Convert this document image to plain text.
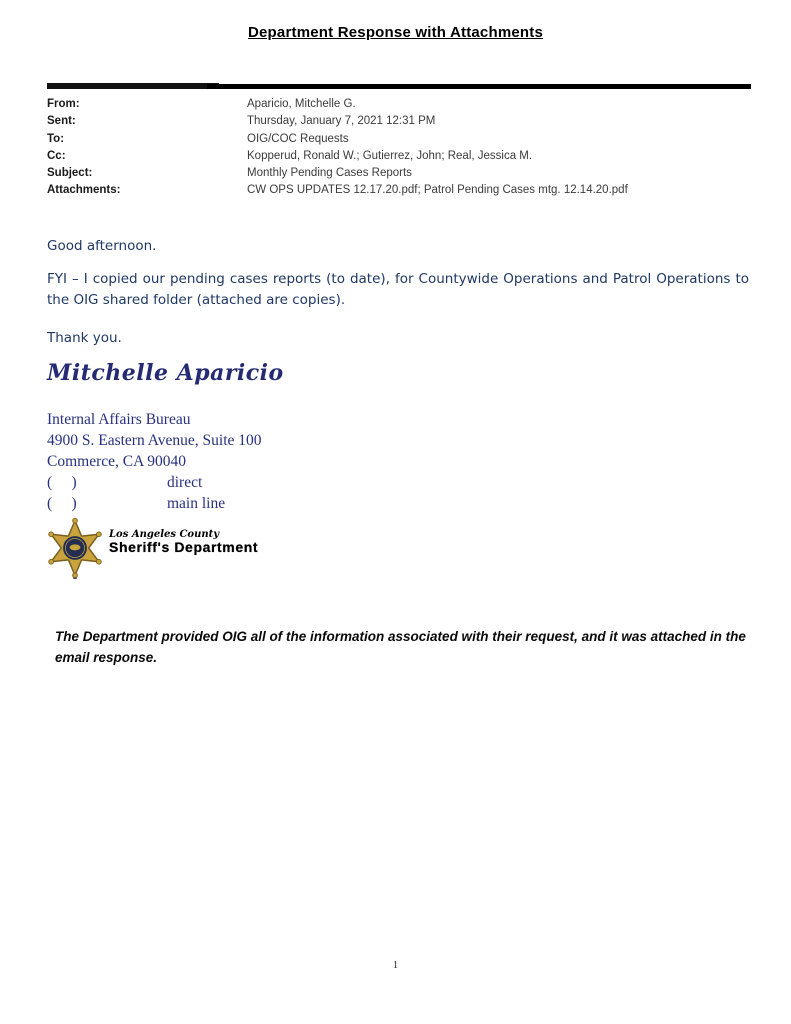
Department Response with Attachments
From:	Aparicio, Mitchelle G.
Sent:	Thursday, January 7, 2021 12:31 PM
To:	OIG/COC Requests
Cc:	Kopperud, Ronald W.; Gutierrez, John; Real, Jessica M.
Subject:	Monthly Pending Cases Reports
Attachments:	CW OPS UPDATES 12.17.20.pdf; Patrol Pending Cases mtg. 12.14.20.pdf

Good afternoon.

FYI – I copied our pending cases reports (to date), for Countywide Operations and Patrol Operations to the OIG shared folder (attached are copies).

Thank you.

Mitchelle Aparicio
Internal Affairs Bureau
4900 S. Eastern Avenue, Suite 100
Commerce, CA 90040
(     )	direct
(     )	main line
Los Angeles County
Sheriff's Department
The Department provided OIG all of the information associated with their request, and it was attached in the email response.
1
